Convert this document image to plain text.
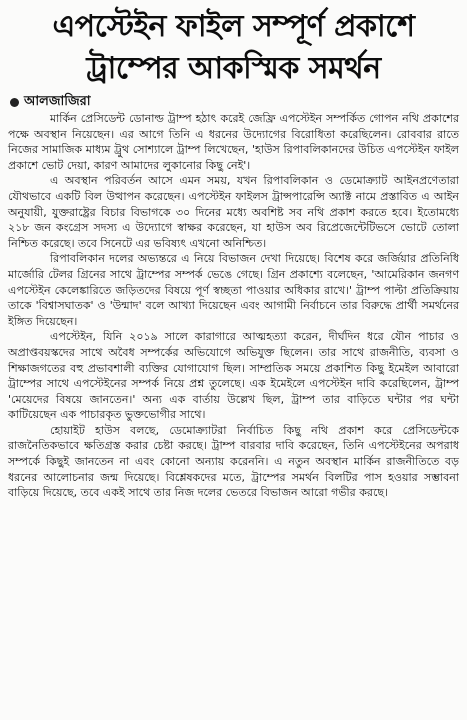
এপস্টেইন ফাইল সম্পূর্ণ প্রকাশে
ট্রাম্পের আকস্মিক সমর্থন
আলজাজিরা

মার্কিন প্রেসিডেন্ট ডোনাল্ড ট্রাম্প হঠাৎ করেই জেফ্রি এপস্টেইন সম্পর্কিত গোপন নথি প্রকাশের পক্ষে অবস্থান নিয়েছেন। এর আগে তিনি এ ধরনের উদ্যোগের বিরোধিতা করেছিলেন। রোববার রাতে নিজের সামাজিক মাধ্যম ট্রুথ সোশ্যালে ট্রাম্প লিখেছেন, 'হাউস রিপাবলিকানদের উচিত এপস্টেইন ফাইল প্রকাশে ভোট দেয়া, কারণ আমাদের লুকানোর কিছু নেই'।

এ অবস্থান পরিবর্তন আসে এমন সময়, যখন রিপাবলিকান ও ডেমোক্র্যাট আইনপ্রণেতারা যৌথভাবে একটি বিল উত্থাপন করেছেন। এপস্টেইন ফাইলস ট্রান্সপারেন্সি অ্যাক্ট নামে প্রস্তাবিত এ আইন অনুযায়ী, যুক্তরাষ্ট্রের বিচার বিভাগকে ৩০ দিনের মধ্যে অবশিষ্ট সব নথি প্রকাশ করতে হবে। ইতোমধ্যে ২১৮ জন কংগ্রেস সদস্য এ উদ্যোগে স্বাক্ষর করেছেন, যা হাউস অব রিপ্রেজেন্টেটিভসে ভোটে তোলা নিশ্চিত করেছে। তবে সিনেটে এর ভবিষ্যৎ এখনো অনিশ্চিত।

রিপাবলিকান দলের অভ্যন্তরে এ নিয়ে বিভাজন দেখা দিয়েছে। বিশেষ করে জর্জিয়ার প্রতিনিধি মার্জোরি টেলর গ্রিনের সাথে ট্রাম্পের সম্পর্ক ভেঙে গেছে। গ্রিন প্রকাশ্যে বলেছেন, 'আমেরিকান জনগণ এপস্টেইন কেলেঙ্কারিতে জড়িতদের বিষয়ে পূর্ণ স্বচ্ছতা পাওয়ার অধিকার রাখে।' ট্রাম্প পাল্টা প্রতিক্রিয়ায় তাকে 'বিশ্বাসঘাতক' ও 'উন্মাদ' বলে আখ্যা দিয়েছেন এবং আগামী নির্বাচনে তার বিরুদ্ধে প্রার্থী সমর্থনের ইঙ্গিত দিয়েছেন।

এপস্টেইন, যিনি ২০১৯ সালে কারাগারে আত্মহত্যা করেন, দীর্ঘদিন ধরে যৌন পাচার ও অপ্রাপ্তবয়স্কদের সাথে অবৈধ সম্পর্কের অভিযোগে অভিযুক্ত ছিলেন। তার সাথে রাজনীতি, ব্যবসা ও শিক্ষাজগতের বহু প্রভাবশালী ব্যক্তির যোগাযোগ ছিল। সাম্প্রতিক সময়ে প্রকাশিত কিছু ইমেইল আবারো ট্রাম্পের সাথে এপস্টেইনের সম্পর্ক নিয়ে প্রশ্ন তুলেছে। এক ইমেইলে এপস্টেইন দাবি করেছিলেন, ট্রাম্প 'মেয়েদের বিষয়ে জানতেন।' অন্য এক বার্তায় উল্লেখ ছিল, ট্রাম্প তার বাড়িতে ঘন্টার পর ঘন্টা কাটিয়েছেন এক পাচারকৃত ভুক্তভোগীর সাথে।

হোয়াইট হাউস বলছে, ডেমোক্র্যাটরা নির্বাচিত কিছু নথি প্রকাশ করে প্রেসিডেন্টকে রাজনৈতিকভাবে ক্ষতিগ্রস্ত করার চেষ্টা করছে। ট্রাম্প বারবার দাবি করেছেন, তিনি এপস্টেইনের অপরাধ সম্পর্কে কিছুই জানতেন না এবং কোনো অন্যায় করেননি। এ নতুন অবস্থান মার্কিন রাজনীতিতে বড় ধরনের আলোচনার জন্ম দিয়েছে। বিশ্লেষকদের মতে, ট্রাম্পের সমর্থন বিলটির পাস হওয়ার সম্ভাবনা বাড়িয়ে দিয়েছে, তবে একই সাথে তার নিজ দলের ভেতরে বিভাজন আরো গভীর করছে।
